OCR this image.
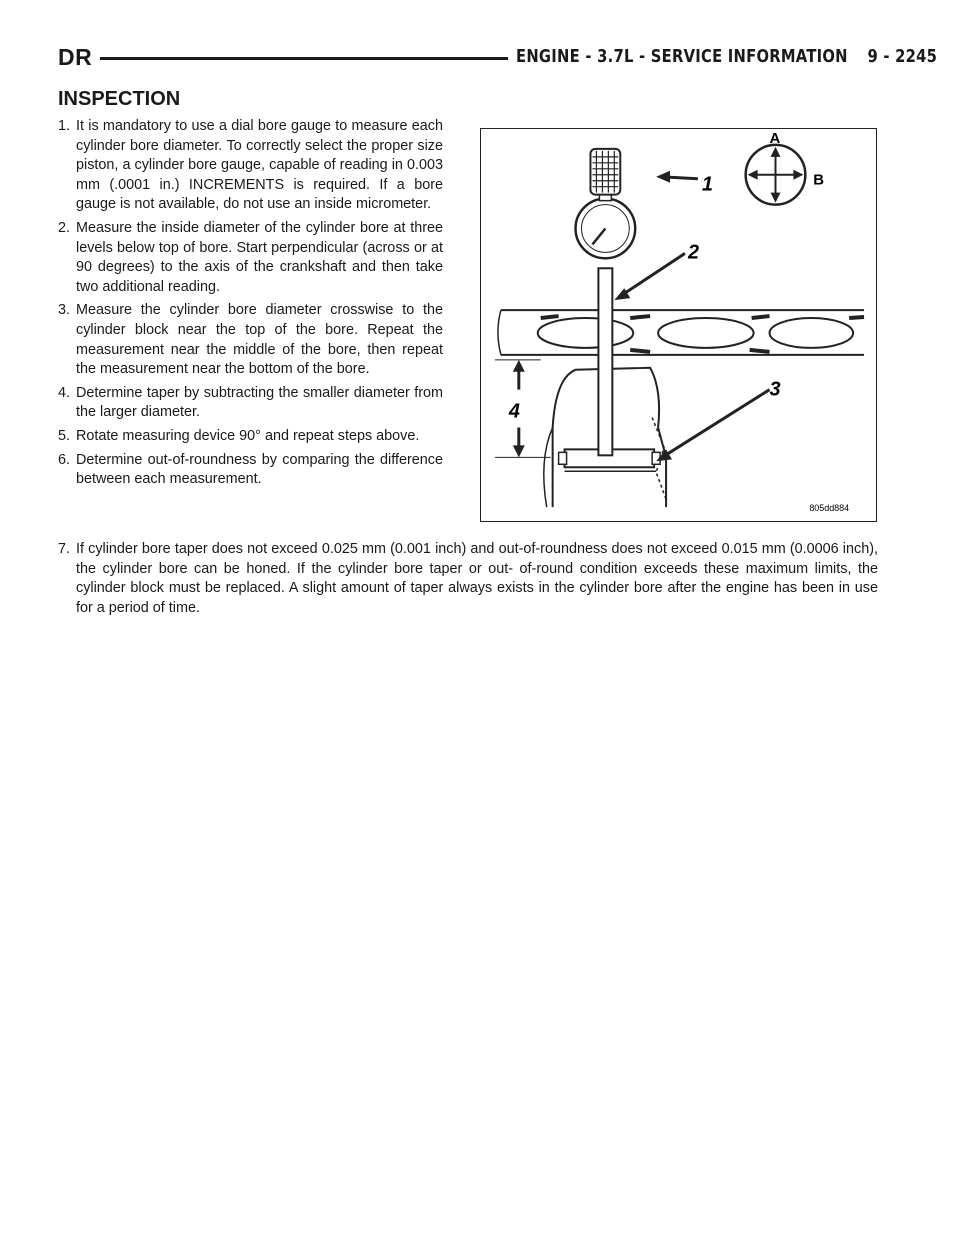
DR	ENGINE - 3.7L - SERVICE INFORMATION 9 - 2245
INSPECTION
1. It is mandatory to use a dial bore gauge to measure each cylinder bore diameter. To correctly select the proper size piston, a cylinder bore gauge, capable of reading in 0.003 mm (.0001 in.) INCREMENTS is required. If a bore gauge is not available, do not use an inside micrometer.
2. Measure the inside diameter of the cylinder bore at three levels below top of bore. Start perpendicular (across or at 90 degrees) to the axis of the crankshaft and then take two additional reading.
3. Measure the cylinder bore diameter crosswise to the cylinder block near the top of the bore. Repeat the measurement near the middle of the bore, then repeat the measurement near the bottom of the bore.
4. Determine taper by subtracting the smaller diameter from the larger diameter.
5. Rotate measuring device 90° and repeat steps above.
6. Determine out-of-roundness by comparing the difference between each measurement.
7. If cylinder bore taper does not exceed 0.025 mm (0.001 inch) and out-of-roundness does not exceed 0.015 mm (0.0006 inch), the cylinder bore can be honed. If the cylinder bore taper or out- of-round condition exceeds these maximum limits, the cylinder block must be replaced. A slight amount of taper always exists in the cylinder bore after the engine has been in use for a period of time.
A
B
1
2
3
4
805dd884
